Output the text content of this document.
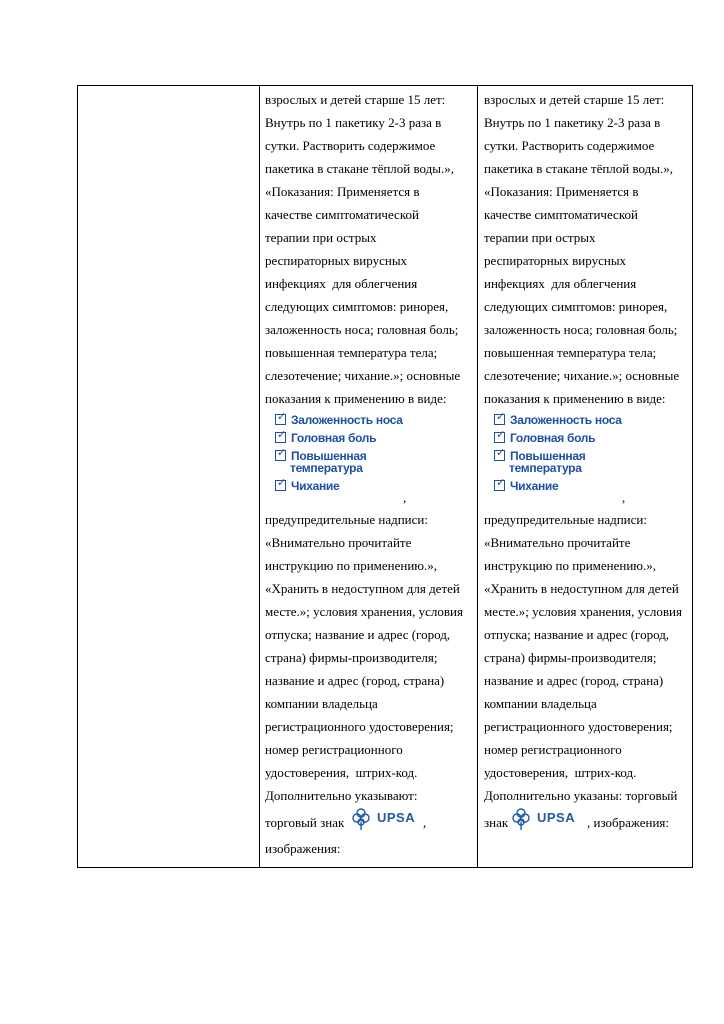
взрослых и детей старше 15 лет:
Внутрь по 1 пакетику 2-3 раза в
сутки. Растворить содержимое
пакетика в стакане тёплой воды.»,
«Показания: Применяется в
качестве симптоматической
терапии при острых
респираторных вирусных
инфекциях  для облегчения
следующих симптомов: ринорея,
заложенность носа; головная боль;
повышенная температура тела;
слезотечение; чихание.»; основные
показания к применению в виде:
✓ Заложенность носа
✓ Головная боль
✓ Повышенная
температура
✓ Чихание
,
предупредительные надписи:
«Внимательно прочитайте
инструкцию по применению.»,
«Хранить в недоступном для детей
месте.»; условия хранения, условия
отпуска; название и адрес (город,
страна) фирмы-производителя;
название и адрес (город, страна)
компании владельца
регистрационного удостоверения;
номер регистрационного
удостоверения,  штрих-код.
Дополнительно указывают:
торговый знак	UPSA ,
изображения:
взрослых и детей старше 15 лет:
Внутрь по 1 пакетику 2-3 раза в
сутки. Растворить содержимое
пакетика в стакане тёплой воды.»,
«Показания: Применяется в
качестве симптоматической
терапии при острых
респираторных вирусных
инфекциях  для облегчения
следующих симптомов: ринорея,
заложенность носа; головная боль;
повышенная температура тела;
слезотечение; чихание.»; основные
показания к применению в виде:
✓ Заложенность носа
✓ Головная боль
✓ Повышенная
температура
✓ Чихание
,
предупредительные надписи:
«Внимательно прочитайте
инструкцию по применению.»,
«Хранить в недоступном для детей
месте.»; условия хранения, условия
отпуска; название и адрес (город,
страна) фирмы-производителя;
название и адрес (город, страна)
компании владельца
регистрационного удостоверения;
номер регистрационного
удостоверения,  штрих-код.
Дополнительно указаны: торговый
знак UPSA , изображения:
